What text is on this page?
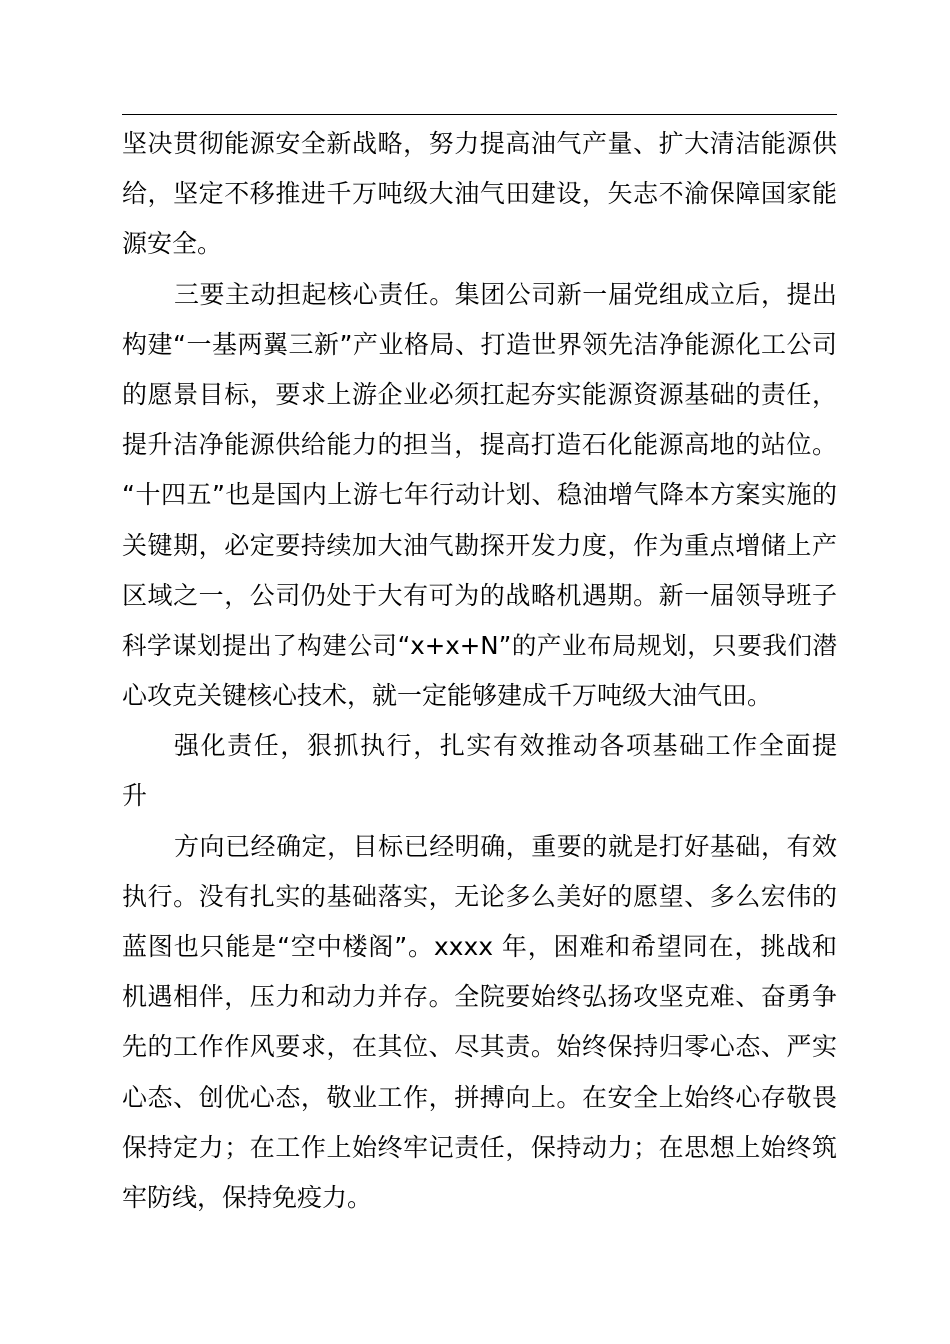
坚决贯彻能源安全新战略，努力提高油气产量、扩大清洁能源供
给，坚定不移推进千万吨级大油气田建设，矢志不渝保障国家能
源安全。
三要主动担起核心责任。集团公司新一届党组成立后，提出
构建“一基两翼三新”产业格局、打造世界领先洁净能源化工公司
的愿景目标，要求上游企业必须扛起夯实能源资源基础的责任，
提升洁净能源供给能力的担当，提高打造石化能源高地的站位。
“十四五”也是国内上游七年行动计划、稳油增气降本方案实施的
关键期，必定要持续加大油气勘探开发力度，作为重点增储上产
区域之一，公司仍处于大有可为的战略机遇期。新一届领导班子
科学谋划提出了构建公司“x+x+N”的产业布局规划，只要我们潜
心攻克关键核心技术，就一定能够建成千万吨级大油气田。
强化责任，狠抓执行，扎实有效推动各项基础工作全面提
升
方向已经确定，目标已经明确，重要的就是打好基础，有效
执行。没有扎实的基础落实，无论多么美好的愿望、多么宏伟的
蓝图也只能是“空中楼阁”。xxxx 年，困难和希望同在，挑战和
机遇相伴，压力和动力并存。全院要始终弘扬攻坚克难、奋勇争
先的工作作风要求，在其位、尽其责。始终保持归零心态、严实
心态、创优心态，敬业工作，拼搏向上。在安全上始终心存敬畏
保持定力；在工作上始终牢记责任，保持动力；在思想上始终筑
牢防线，保持免疫力。
